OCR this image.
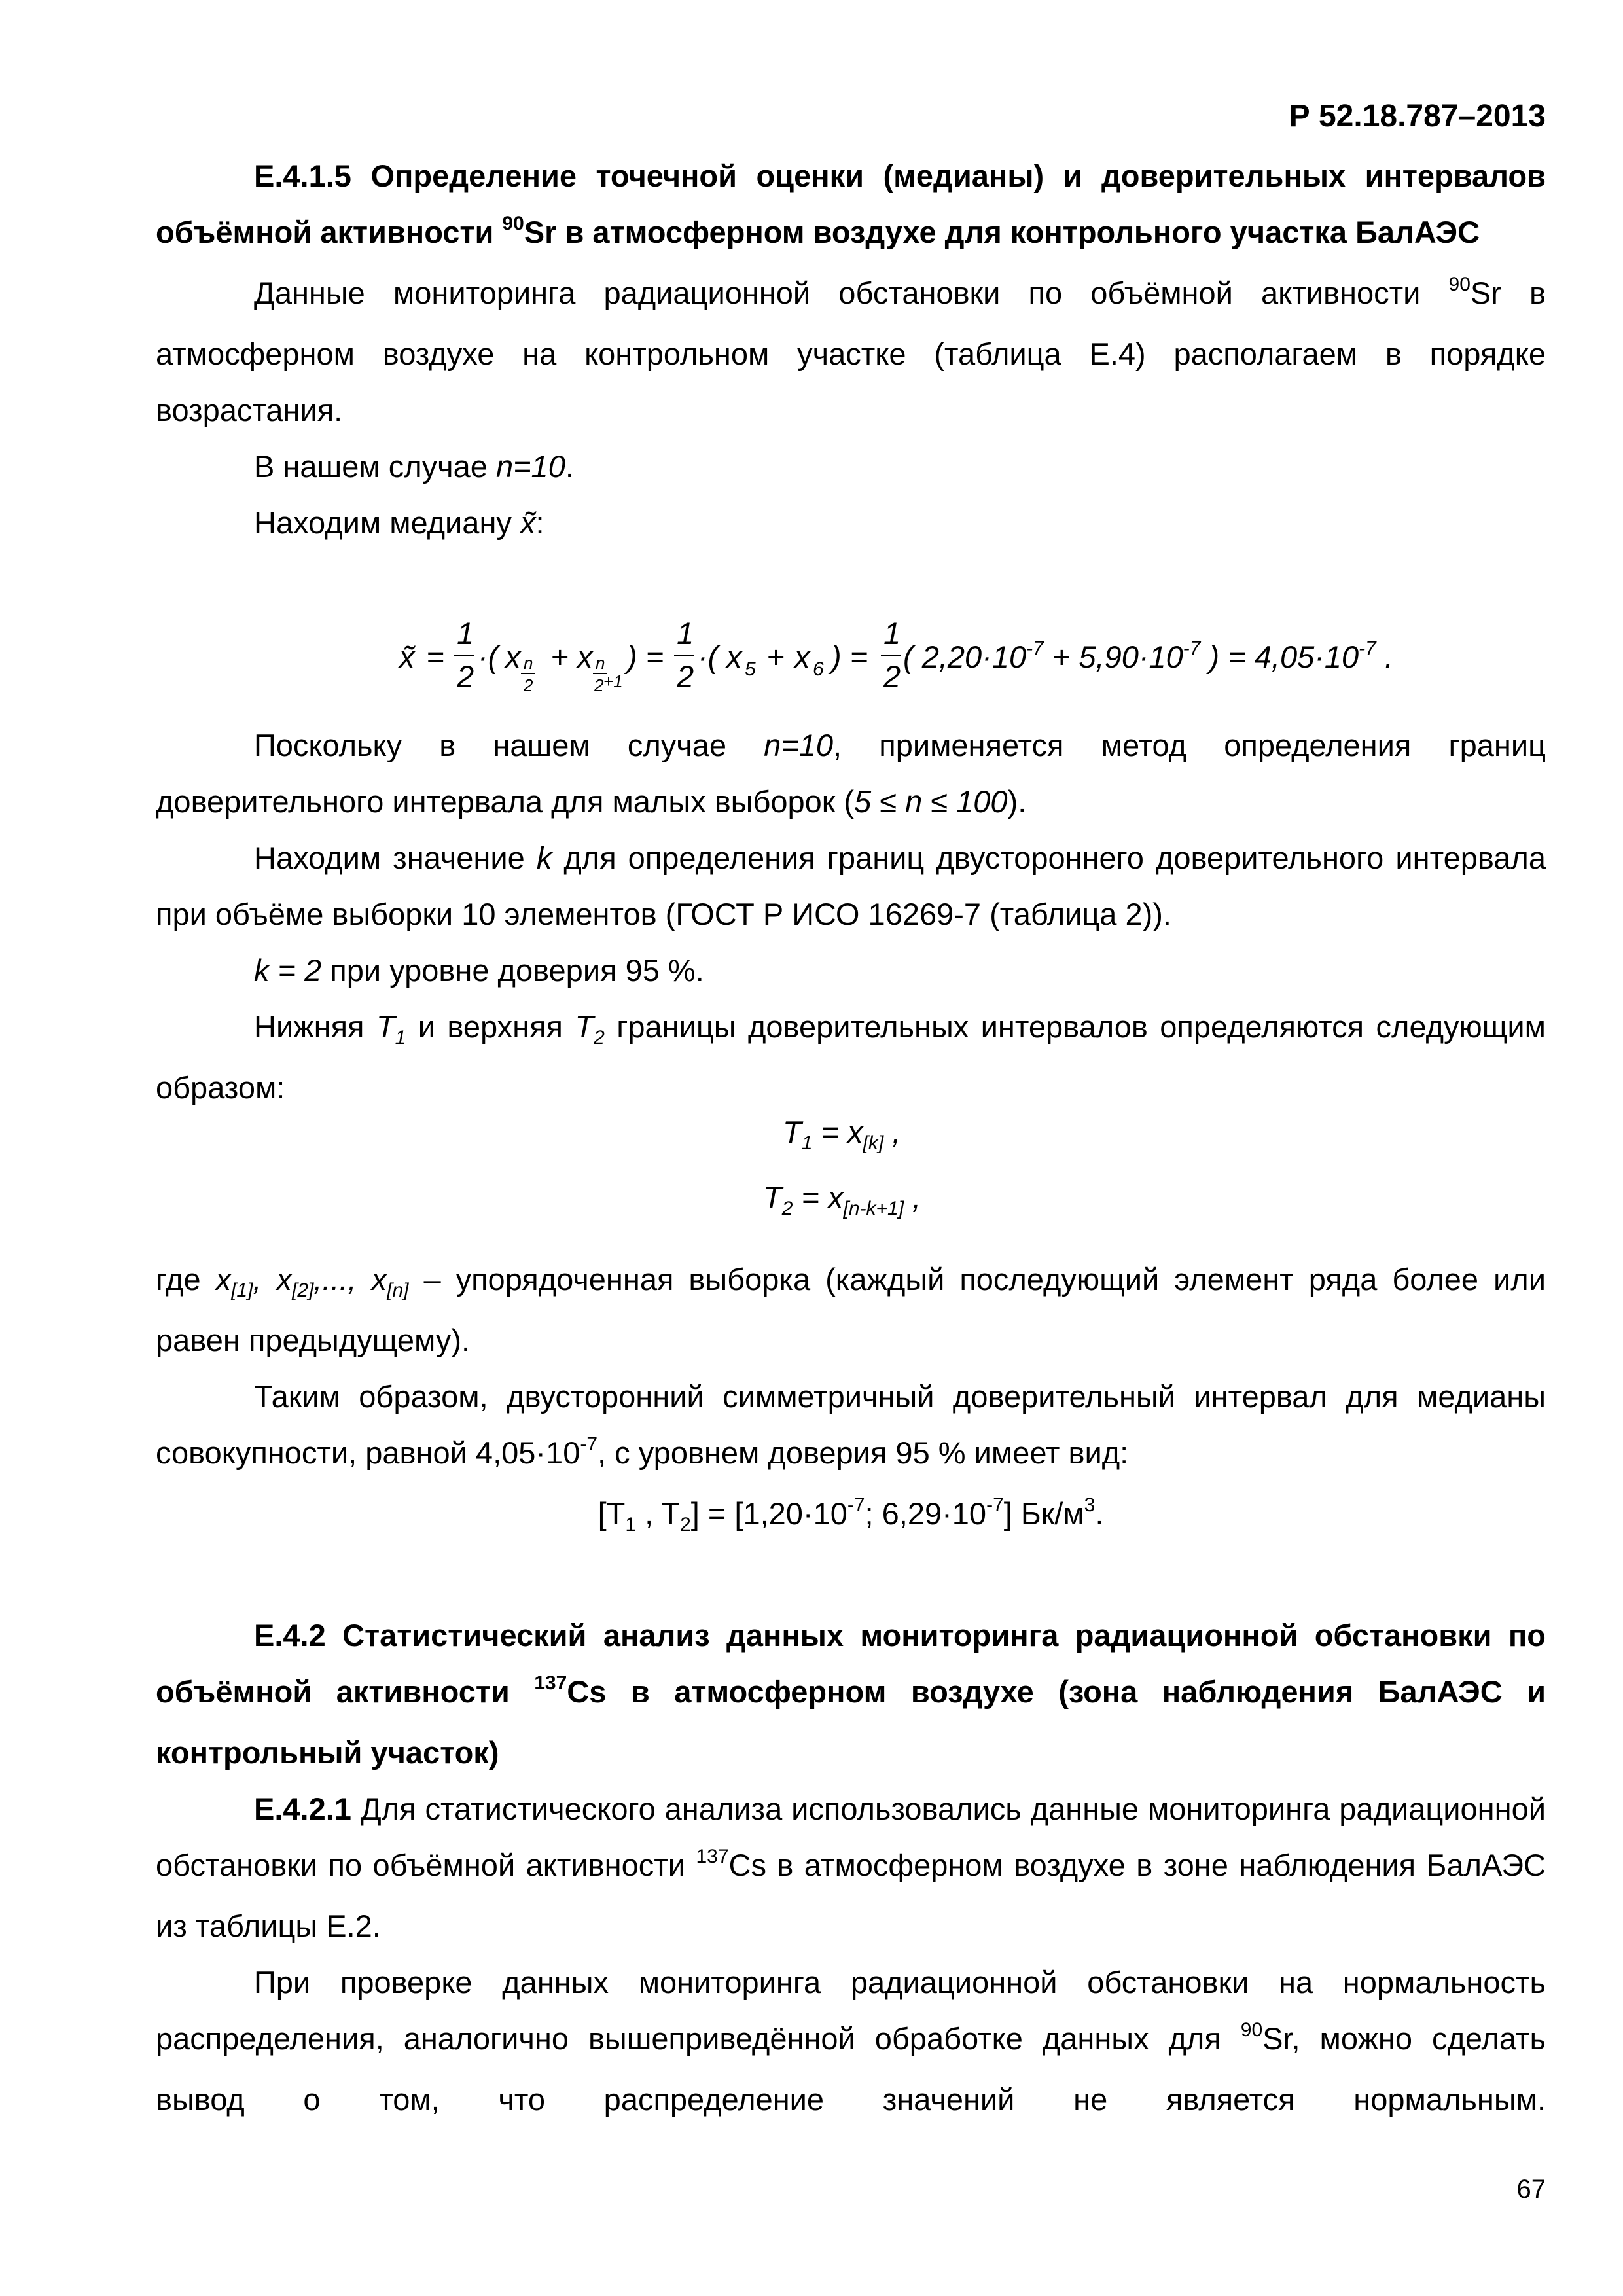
Р 52.18.787–2013

Е.4.1.5 Определение точечной оценки (медианы) и доверительных интервалов объёмной активности $^{90}$Sr в атмосферном воздухе для контрольного участка БалАЭС

Данные мониторинга радиационной обстановки по объёмной активности $^{90}$Sr в атмосферном воздухе на контрольном участке (таблица Е.4) располагаем в порядке возрастания.

В нашем случае n=10.

Находим медиану x̃:

x̃ =
1
2
·( x n
2
+ x n
2 +1
) =
1
2
·( x 5 + x 6 ) =
1
2
( $2,20\cdot 10^{-7} + 5,90\cdot 10^{-7}$ ) = $4,05\cdot 10^{-7}$ .

Поскольку в нашем случае n=10, применяется метод определения границ доверительного интервала для малых выборок (5 ≤ n ≤ 100).

Находим значение k для определения границ двустороннего доверительного интервала при объёме выборки 10 элементов (ГОСТ Р ИСО 16269-7 (таблица 2)).

k = 2 при уровне доверия 95 %.

Нижняя $T_1$ и верхняя $T_2$ границы доверительных интервалов определяются следующим образом:

$T_1 = x_{[k]}$ ,
$T_2 = x_{[n-k+1]}$ ,

где $x_{[1]}$, $x_{[2]}$,..., $x_{[n]}$ – упорядоченная выборка (каждый последующий элемент ряда более или равен предыдущему).

Таким образом, двусторонний симметричный доверительный интервал для медианы совокупности, равной $4,05\cdot 10^{-7}$, с уровнем доверия 95 % имеет вид:

[$T_1$ , $T_2] = [1,20\cdot 10^{-7}$; $6,29\cdot 10^{-7}$] $Бк/м^3$.

Е.4.2 Статистический анализ данных мониторинга радиационной обстановки по объёмной активности $^{137}$Cs в атмосферном воздухе (зона наблюдения БалАЭС и контрольный участок)

Е.4.2.1 Для статистического анализа использовались данные мониторинга радиационной обстановки по объёмной активности $^{137}$Cs в атмосферном воздухе в зоне наблюдения БалАЭС из таблицы Е.2.

При проверке данных мониторинга радиационной обстановки на нормальность распределения, аналогично вышеприведённой обработке данных для $^{90}$Sr, можно сделать вывод о том, что распределение значений не является нормальным.

67
